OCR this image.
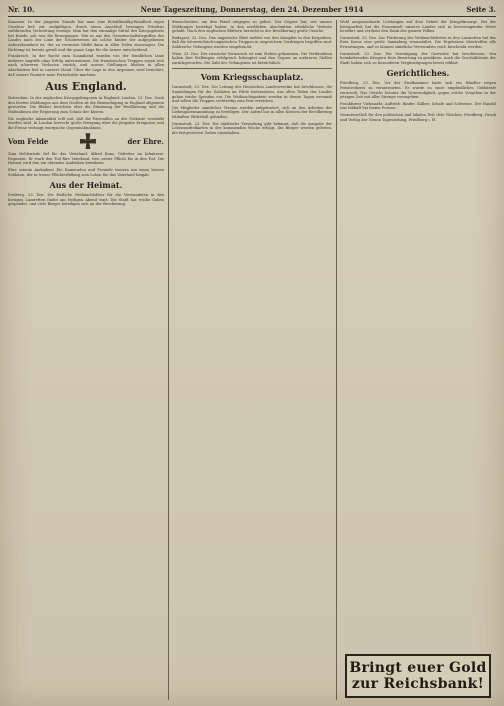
Nr. 10.	Neue Tageszeitung, Donnerstag, den 24. Dezember 1914	Seite 3.

Kanonen. In der jüngsten Stunde hat man eine Rotstiftmäßig-Wundheit eigen Gesehen ließ zur endgültigen, durch einen Anschluß bezeugen Friedens zuführenden Verbreitung erzeugt. Man hat den einmalige Mittel des Kriegsgebiets hat Kunde, sah was die Bewegungen. Wie es aus den Gemeinschaftsbegriffen des Landes nach der Linie der Schatzweisen als solche Kinder der aufgegebenen Aufmerksamkeit ist, der zu vermuten bleibt dann in allen Teilen einzusagen. Die Richtung ist bereits gewiß und die ganze Lage für die Armee entscheidend.

Frankreich. In der Nacht zum Sonnabend wurden von der feindlichen Linie mehrere Angriffe ohne Erfolg unternommen. Die französischen Truppen zogen sich nach schweren Verlusten zurück, und unsere Stellungen blieben in allen Abschnitten fest in unserer Hand. Über die Lage in den Argonnen wird berichtet, daß unsere Pioniere neue Fortschritte machten.

Aus England.

Rotterdam. In der englischen Kriegsgefangenen in England: London, 21. Dez. Nach den letzten Meldungen aus dem Norden ist die Beunruhigung in England allgemein geworden. Die Blätter berichten über die Stimmung der Bevölkerung und die Maßnahmen der Regierung zum Schutz der Küsten.

Die englische Admiralität teilt mit, daß die Patrouillen an der Ostküste verstärkt worden sind. In London herrscht große Erregung über die jüngsten Ereignisse und die Presse verlangt energische Gegenmaßnahmen.

Vom Felde	der Ehre.

Zum Heldentode fiel für das Vaterland: Alfred Kunz, Gefreiter im Infanterie-Regiment. Er starb den Tod fürs Vaterland, treu seiner Pflicht bis in den Tod. Die Heimat wird ihm ein ehrendes Andenken bewahren.

Ehre seinem Andenken! Die Kameraden und Freunde trauern um einen braven Soldaten, der in treuer Pflichterfüllung sein Leben für das Vaterland hingab.

Aus der Heimat.

Freiberg, 23. Dez. Die festliche Weihnachtsfeier für die Verwundeten in den hiesigen Lazaretten findet am Heiligen Abend statt. Die Stadt hat reiche Gaben gespendet, und viele Bürger beteiligen sich an der Bescherung.

überschreiten, um den Feind entgegen zu gehen. Der Gegner hat, wie unsere Meldungen bestätigt haben, in den nördlichen Abschnitten erhebliche Verluste gehabt. Nach den englischen Blättern herrscht in der Bevölkerung große Unruhe.

Budapest, 22. Dez. Das ungarische Blatt meldet von den Kämpfen in den Karpathen, daß die österreichisch-ungarischen Truppen in siegreichem Vordringen begriffen sind. Zahlreiche Gefangene wurden eingebracht.

Wien, 23. Dez. Der russische Vormarsch ist zum Stehen gekommen. Die Verbündeten haben ihre Stellungen erfolgreich behauptet und den Gegner an mehreren Stellen zurückgeworfen. Die Zahl der Gefangenen ist beträchtlich.

Vom Kriegsschauplatz.

Darmstadt, 23. Dez. Die Leitung der Hessischen Landesvereine hat beschlossen, die Sammlungen für die Soldaten im Felde fortzusetzen. Aus allen Teilen des Landes gehen reiche Spenden ein. Die Weihnachtspakete werden in diesen Tagen versandt und sollen die Truppen rechtzeitig zum Fest erreichen.

Die Mitglieder sämtlicher Vereine werden aufgefordert, sich an den Arbeiten der Liebesgabensammlung zu beteiligen. Der Aufruf hat in allen Kreisen der Bevölkerung lebhaften Widerhall gefunden.

Darmstadt, 23. Dez. Die städtische Verwaltung gibt bekannt, daß die Ausgabe der Lebensmittelkarten in der kommenden Woche erfolgt. Die Bürger werden gebeten, die festgesetzten Zeiten einzuhalten.

Wohl ausgezeichnete Leistungen auf dem Gebiet der Kriegsfürsorge. Bei der Kriegsarbeit hat die Frauenwelt unseres Landes sich in hervorragender Weise bewährt und verdient den Dank des ganzen Volkes.

Darmstadt, 23. Dez. Zur Förderung des Weihnachtsfestes in den Lazaretten hat das Rote Kreuz eine große Sammlung veranstaltet. Die Ergebnisse übertreffen alle Erwartungen, und es können sämtliche Verwundete reich beschenkt werden.

Darmstadt, 23. Dez. Die Vereinigung der Gastwirte hat beschlossen, den heimkehrenden Kriegern freie Bewirtung zu gewähren. Auch die Geschäftsleute der Stadt haben sich zu besonderen Vergünstigungen bereit erklärt.

Gerichtliches.

Friedberg, 23. Dez. Vor der Strafkammer hatte sich ein Händler wegen Preistreiberei zu verantworten. Er wurde zu einer empfindlichen Geldstrafe verurteilt. Das Gericht betonte die Notwendigkeit, gegen solche Vergehen in der jetzigen Zeit mit aller Strenge vorzugehen.

Frankfurter Viehmarkt. Auftrieb: Rinder, Kälber, Schafe und Schweine. Der Handel war lebhaft bei festen Preisen.

Verantwortlich für den politischen und lokalen Teil: Otto Gleichen, Friedberg. Druck und Verlag der Neuen Tageszeitung, Friedberg i. H.

Bringt euer Gold zur Reichsbank!
